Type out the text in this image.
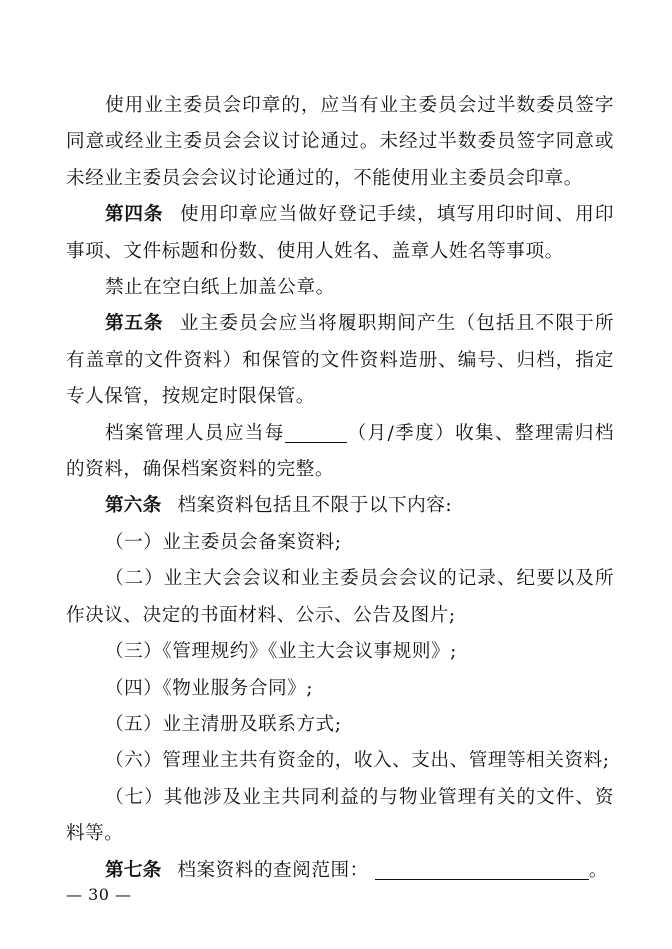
使用业主委员会印章的，应当有业主委员会过半数委员签字同意或经业主委员会会议讨论通过。未经过半数委员签字同意或未经业主委员会会议讨论通过的，不能使用业主委员会印章。

第四条 使用印章应当做好登记手续，填写用印时间、用印事项、文件标题和份数、使用人姓名、盖章人姓名等事项。

禁止在空白纸上加盖公章。

第五条 业主委员会应当将履职期间产生（包括且不限于所有盖章的文件资料）和保管的文件资料造册、编号、归档，指定专人保管，按规定时限保管。

档案管理人员应当每	（月/季度）收集、整理需归档的资料，确保档案资料的完整。

第六条 档案资料包括且不限于以下内容:

（一）业主委员会备案资料;

（二）业主大会会议和业主委员会会议的记录、纪要以及所作决议、决定的书面材料、公示、公告及图片;

（三）《管理规约》《业主大会议事规则》;

（四）《物业服务合同》;

（五）业主清册及联系方式;

（六）管理业主共有资金的，收入、支出、管理等相关资料;

（七）其他涉及业主共同利益的与物业管理有关的文件、资料等。

第七条 档案资料的查阅范围：	。

— 30 —
